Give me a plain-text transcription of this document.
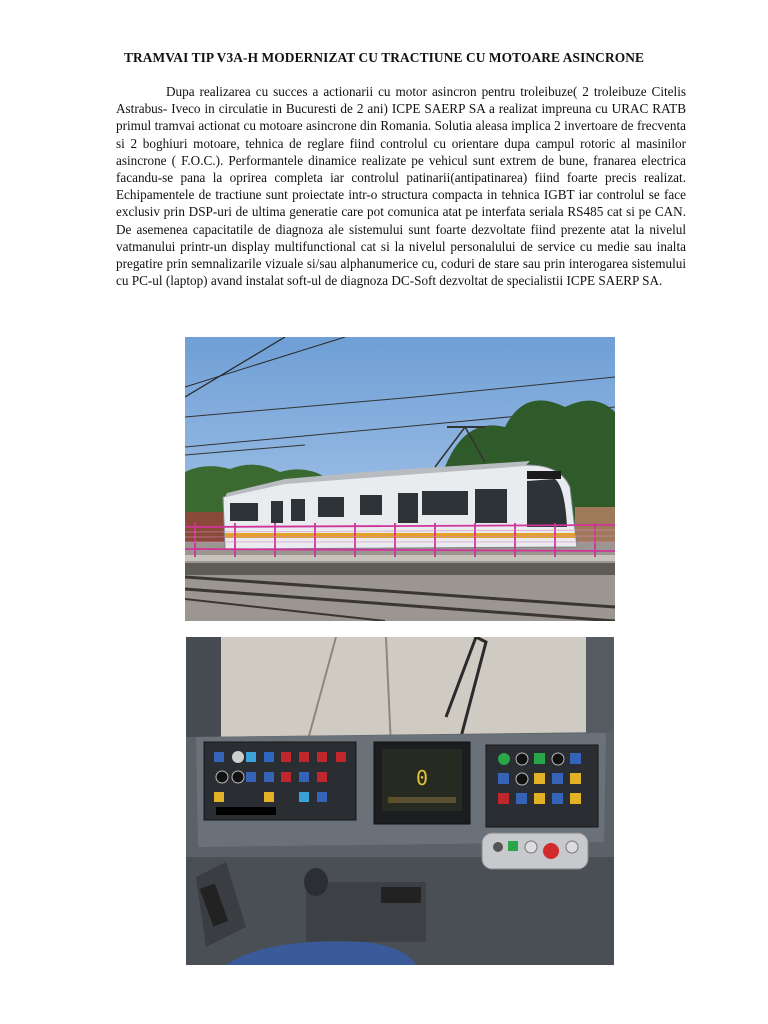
TRAMVAI TIP V3A-H MODERNIZAT CU TRACTIUNE CU MOTOARE ASINCRONE

Dupa realizarea cu succes a actionarii cu motor asincron pentru troleibuze( 2 troleibuze Citelis Astrabus- Iveco in circulatie in Bucuresti de 2 ani) ICPE SAERP SA a realizat impreuna cu URAC RATB primul tramvai actionat cu motoare asincrone din Romania. Solutia aleasa implica 2 invertoare de frecventa si 2 boghiuri motoare, tehnica de reglare fiind controlul cu orientare dupa campul rotoric al masinilor asincrone ( F.O.C.). Performantele dinamice realizate pe vehicul sunt extrem de bune, franarea electrica facandu-se pana la oprirea completa iar controlul patinarii(antipatinarea) fiind foarte precis realizat. Echipamentele de tractiune sunt proiectate intr-o structura compacta in tehnica IGBT iar controlul se face exclusiv prin DSP-uri de ultima generatie care pot comunica atat pe interfata seriala RS485 cat si pe CAN. De asemenea capacitatile de diagnoza ale sistemului sunt foarte dezvoltate fiind prezente atat la nivelul vatmanului printr-un display multifunctional cat si la nivelul personalului de service cu medie sau inalta pregatire prin semnalizarile vizuale si/sau alphanumerice cu, coduri de stare sau prin interogarea sistemului cu PC-ul (laptop) avand instalat soft-ul de diagnoza DC-Soft dezvoltat de specialistii ICPE SAERP SA.

0
